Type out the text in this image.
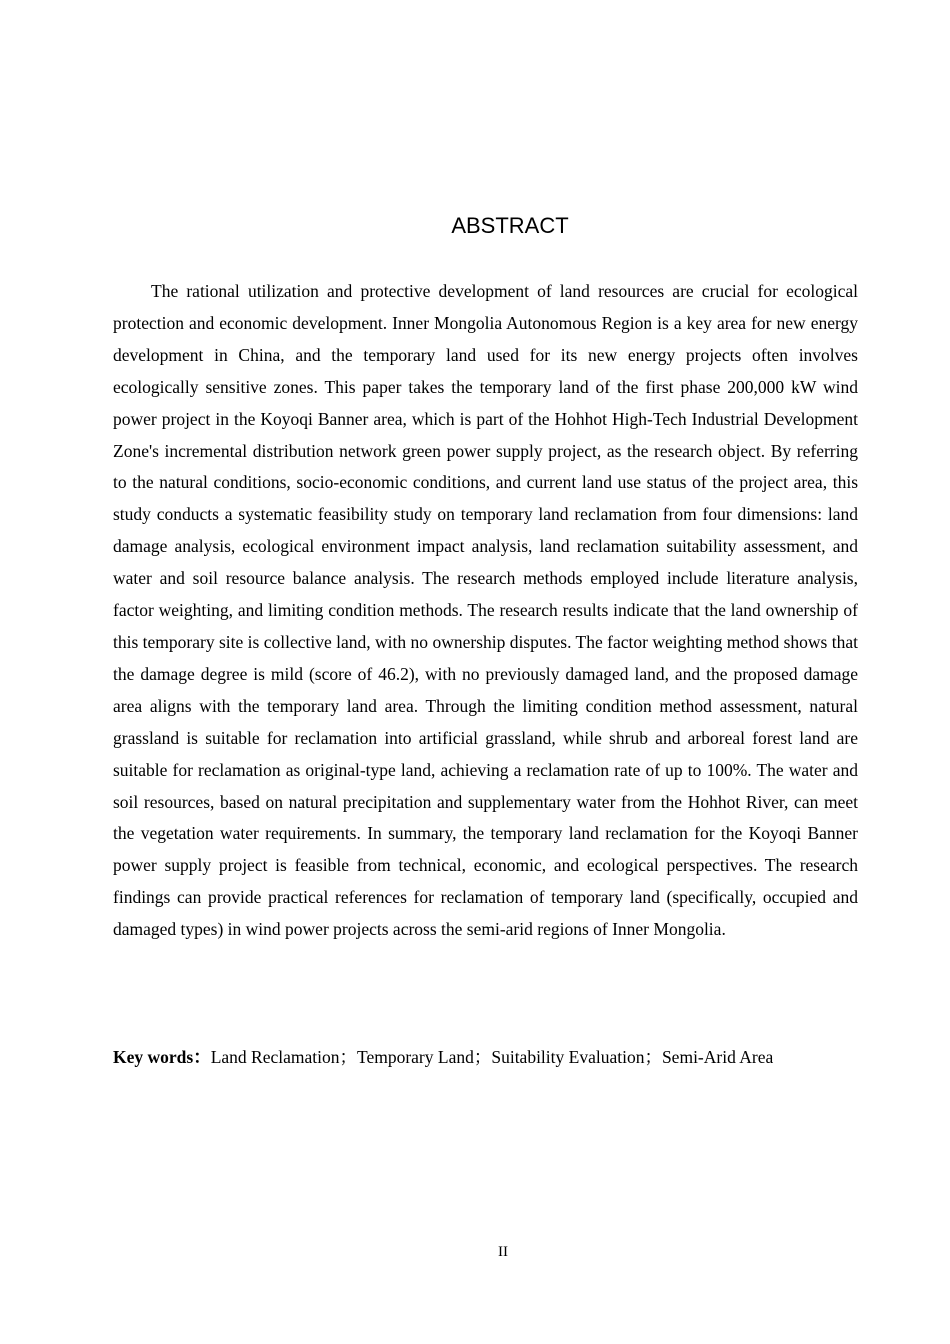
ABSTRACT

The rational utilization and protective development of land resources are crucial for ecological protection and economic development. Inner Mongolia Autonomous Region is a key area for new energy development in China, and the temporary land used for its new energy projects often involves ecologically sensitive zones. This paper takes the temporary land of the first phase 200,000 kW wind power project in the Koyoqi Banner area, which is part of the Hohhot High-Tech Industrial Development Zone's incremental distribution network green power supply project, as the research object. By referring to the natural conditions, socio-economic conditions, and current land use status of the project area, this study conducts a systematic feasibility study on temporary land reclamation from four dimensions: land damage analysis, ecological environment impact analysis, land reclamation suitability assessment, and water and soil resource balance analysis. The research methods employed include literature analysis, factor weighting, and limiting condition methods. The research results indicate that the land ownership of this temporary site is collective land, with no ownership disputes. The factor weighting method shows that the damage degree is mild (score of 46.2), with no previously damaged land, and the proposed damage area aligns with the temporary land area. Through the limiting condition method assessment, natural grassland is suitable for reclamation into artificial grassland, while shrub and arboreal forest land are suitable for reclamation as original-type land, achieving a reclamation rate of up to 100%. The water and soil resources, based on natural precipitation and supplementary water from the Hohhot River, can meet the vegetation water requirements. In summary, the temporary land reclamation for the Koyoqi Banner power supply project is feasible from technical, economic, and ecological perspectives. The research findings can provide practical references for reclamation of temporary land (specifically, occupied and damaged types) in wind power projects across the semi-arid regions of Inner Mongolia.

Key words：Land Reclamation；Temporary Land；Suitability Evaluation；Semi-Arid Area

II
